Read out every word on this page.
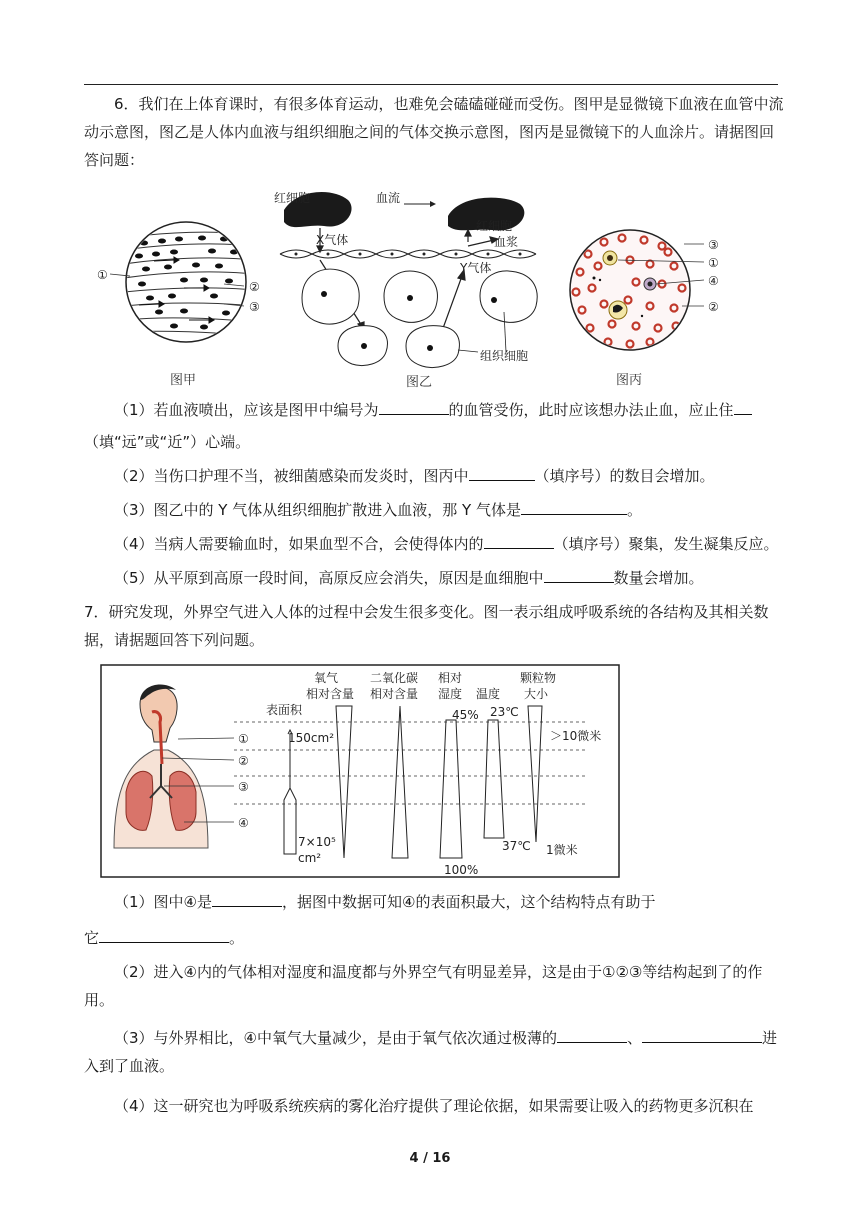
6．我们在上体育课时，有很多体育运动，也难免会磕磕碰碰而受伤。图甲是显微镜下血液在血管中流动示意图，图乙是人体内血液与组织细胞之间的气体交换示意图，图丙是显微镜下的人血涂片。请据图回答问题：

①
②
③
图甲
红细胞	血流
红细胞
血浆
X气体
Y气体
组织细胞
图乙
③
①
④
②
图丙

（1）若血液喷出，应该是图甲中编号为	的血管受伤，此时应该想办法止血，应止住

（填“远”或“近”）心端。

（2）当伤口护理不当，被细菌感染而发炎时，图丙中	（填序号）的数目会增加。

（3）图乙中的 Y 气体从组织细胞扩散进入血液，那 Y 气体是	。

（4）当病人需要输血时，如果血型不合，会使得体内的	（填序号）聚集，发生凝集反应。

（5）从平原到高原一段时间，高原反应会消失，原因是血细胞中	数量会增加。

7．研究发现，外界空气进入人体的过程中会发生很多变化。图一表示组成呼吸系统的各结构及其相关数据，请据题回答下列问题。

①
②
③
④
表面积
氧气
相对含量
二氧化碳
相对含量
相对
湿度 温度
颗粒物
大小
150cm²
7×10⁵
cm²
45%
100%
23℃
37℃
＞10微米
1微米

（1）图中④是	，据图中数据可知④的表面积最大，这个结构特点有助于

它	。

（2）进入④内的气体相对湿度和温度都与外界空气有明显差异，这是由于①②③等结构起到了的作用。

（3）与外界相比，④中氧气大量减少，是由于氧气依次通过极薄的	、	进入到了血液。

（4）这一研究也为呼吸系统疾病的雾化治疗提供了理论依据，如果需要让吸入的药物更多沉积在

4 / 16
